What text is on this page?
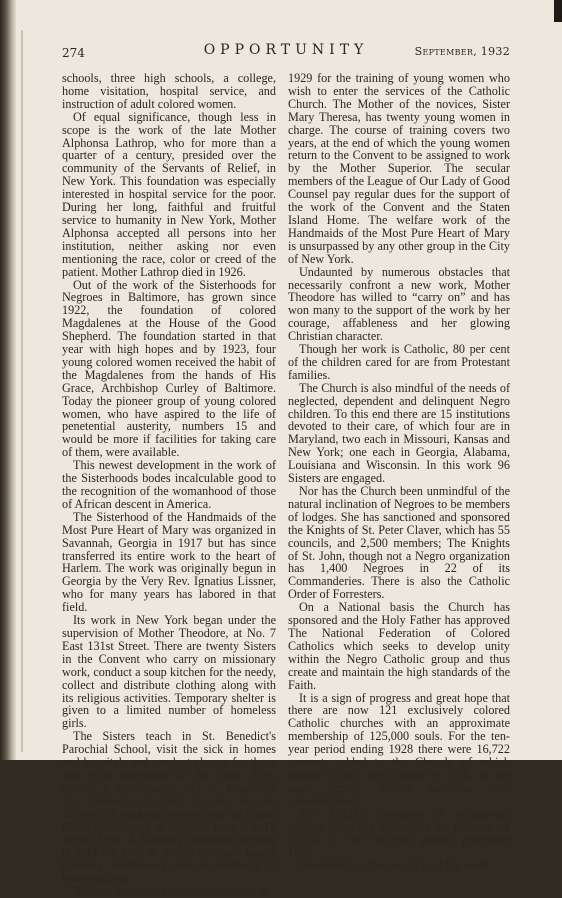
274	OPPORTUNITY	September, 1932

schools, three high schools, a college, home visitation, hospital service, and instruction of adult colored women.

Of equal significance, though less in scope is the work of the late Mother Alphonsa Lathrop, who for more than a quarter of a century, presided over the community of the Servants of Relief, in New York. This foundation was especially interested in hospital service for the poor. During her long, faithful and fruitful service to humanity in New York, Mother Alphonsa accepted all persons into her institution, neither asking nor even mentioning the race, color or creed of the patient. Mother Lathrop died in 1926.

Out of the work of the Sisterhoods for Negroes in Baltimore, has grown since 1922, the foundation of colored Magdalenes at the House of the Good Shepherd. The foundation started in that year with high hopes and by 1923, four young colored women received the habit of the Magdalenes from the hands of His Grace, Archbishop Curley of Baltimore. Today the pioneer group of young colored women, who have aspired to the life of penetential austerity, numbers 15 and would be more if facilities for taking care of them, were available.

This newest development in the work of the Sisterhoods bodes incalculable good to the recognition of the womanhood of those of African descent in America.

The Sisterhood of the Handmaids of the Most Pure Heart of Mary was organized in Savannah, Georgia in 1917 but has since transferred its entire work to the heart of Harlem. The work was originally begun in Georgia by the Very Rev. Ignatius Lissner, who for many years has labored in that field.

Its work in New York began under the supervision of Mother Theodore, at No. 7 East 131st Street. There are twenty Sisters in the Convent who carry on missionary work, conduct a soup kitchen for the needy, collect and distribute clothing along with its religious activities. Temporary shelter is given to a limited number of homeless girls.

The Sisters teach in St. Benedict's Parochial School, visit the sick in homes and hospitals and conduct classes for those who wish instruction in the Faith. They operate a kindergarten and St. Benedict's Day Nursery, in order to care for the children of working mothers and the Christ Guild to take care of children from 6 to 12 years of age. A Saturday afternoon meeting is held for girls at which they are taught basketry, needlework and the elements of homemaking.

A home on Staten Island was secured in

1929 for the training of young women who wish to enter the services of the Catholic Church. The Mother of the novices, Sister Mary Theresa, has twenty young women in charge. The course of training covers two years, at the end of which the young women return to the Convent to be assigned to work by the Mother Superior. The secular members of the League of Our Lady of Good Counsel pay regular dues for the support of the work of the Convent and the Staten Island Home. The welfare work of the Handmaids of the Most Pure Heart of Mary is unsurpassed by any other group in the City of New York.

Undaunted by numerous obstacles that necessarily confront a new work, Mother Theodore has willed to “carry on” and has won many to the support of the work by her courage, affableness and her glowing Christian character.

Though her work is Catholic, 80 per cent of the children cared for are from Protestant families.

The Church is also mindful of the needs of neglected, dependent and delinquent Negro children. To this end there are 15 institutions devoted to their care, of which four are in Maryland, two each in Missouri, Kansas and New York; one each in Georgia, Alabama, Louisiana and Wisconsin. In this work 96 Sisters are engaged.

Nor has the Church been unmindful of the natural inclination of Negroes to be members of lodges. She has sanctioned and sponsored the Knights of St. Peter Claver, which has 55 councils, and 2,500 members; The Knights of St. John, though not a Negro organization has 1,400 Negroes in 22 of its Commanderies. There is also the Catholic Order of Forresters.

On a National basis the Church has sponsored and the Holy Father has approved The National Federation of Colored Catholics which seeks to develop unity within the Negro Catholic group and thus create and maintain the high standards of the Faith.

It is a sign of progress and great hope that there are now 121 exclusively colored Catholic churches with an approximate membership of 125,000 souls. For the ten-year period ending 1928 there were 16,722 converts added to the Church, of which number 2,386 were added in 1928. In the same period, 47,999 baptisms were consummated.

The 125,000 members of exclusively colored churches represents an increase of 27,500 in the ten-year period preceding 1928.

Heartening as the record is of the work
